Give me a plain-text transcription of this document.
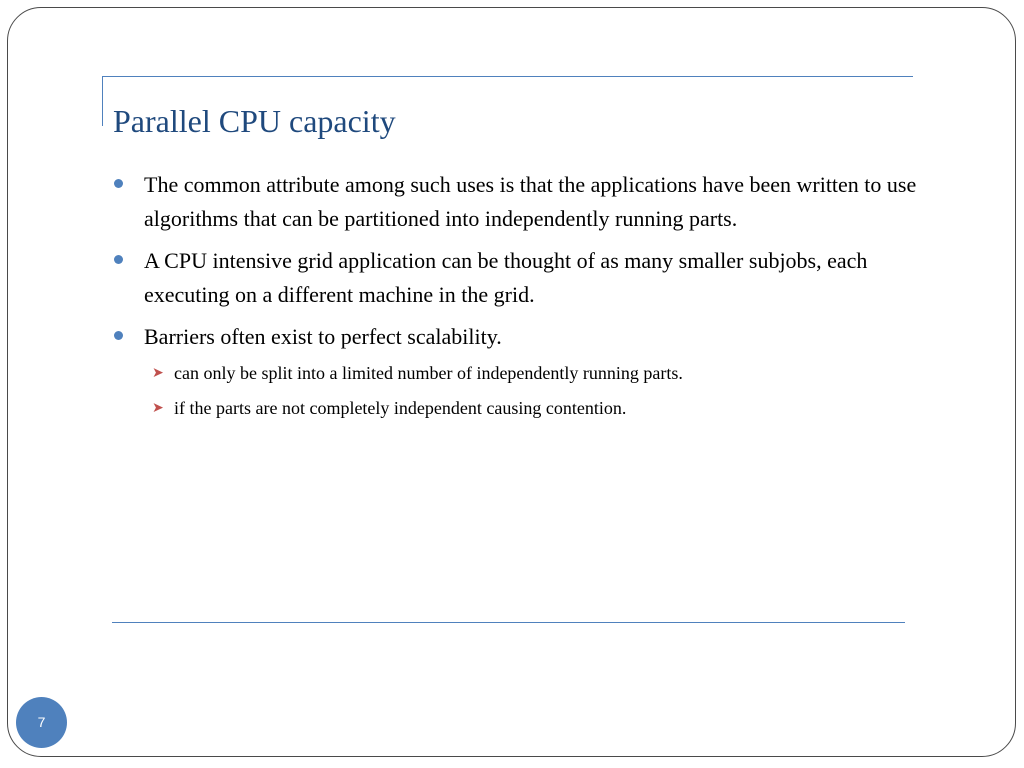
Parallel CPU capacity
The common attribute among such uses is that the applications have been written to use algorithms that can be partitioned into independently running parts.
A CPU intensive grid application can be thought of as many smaller subjobs, each executing on a different machine in the grid.
Barriers often exist to perfect scalability.
➤ can only be split into a limited number of independently running parts.
➤ if the parts are not completely independent causing contention.
7
